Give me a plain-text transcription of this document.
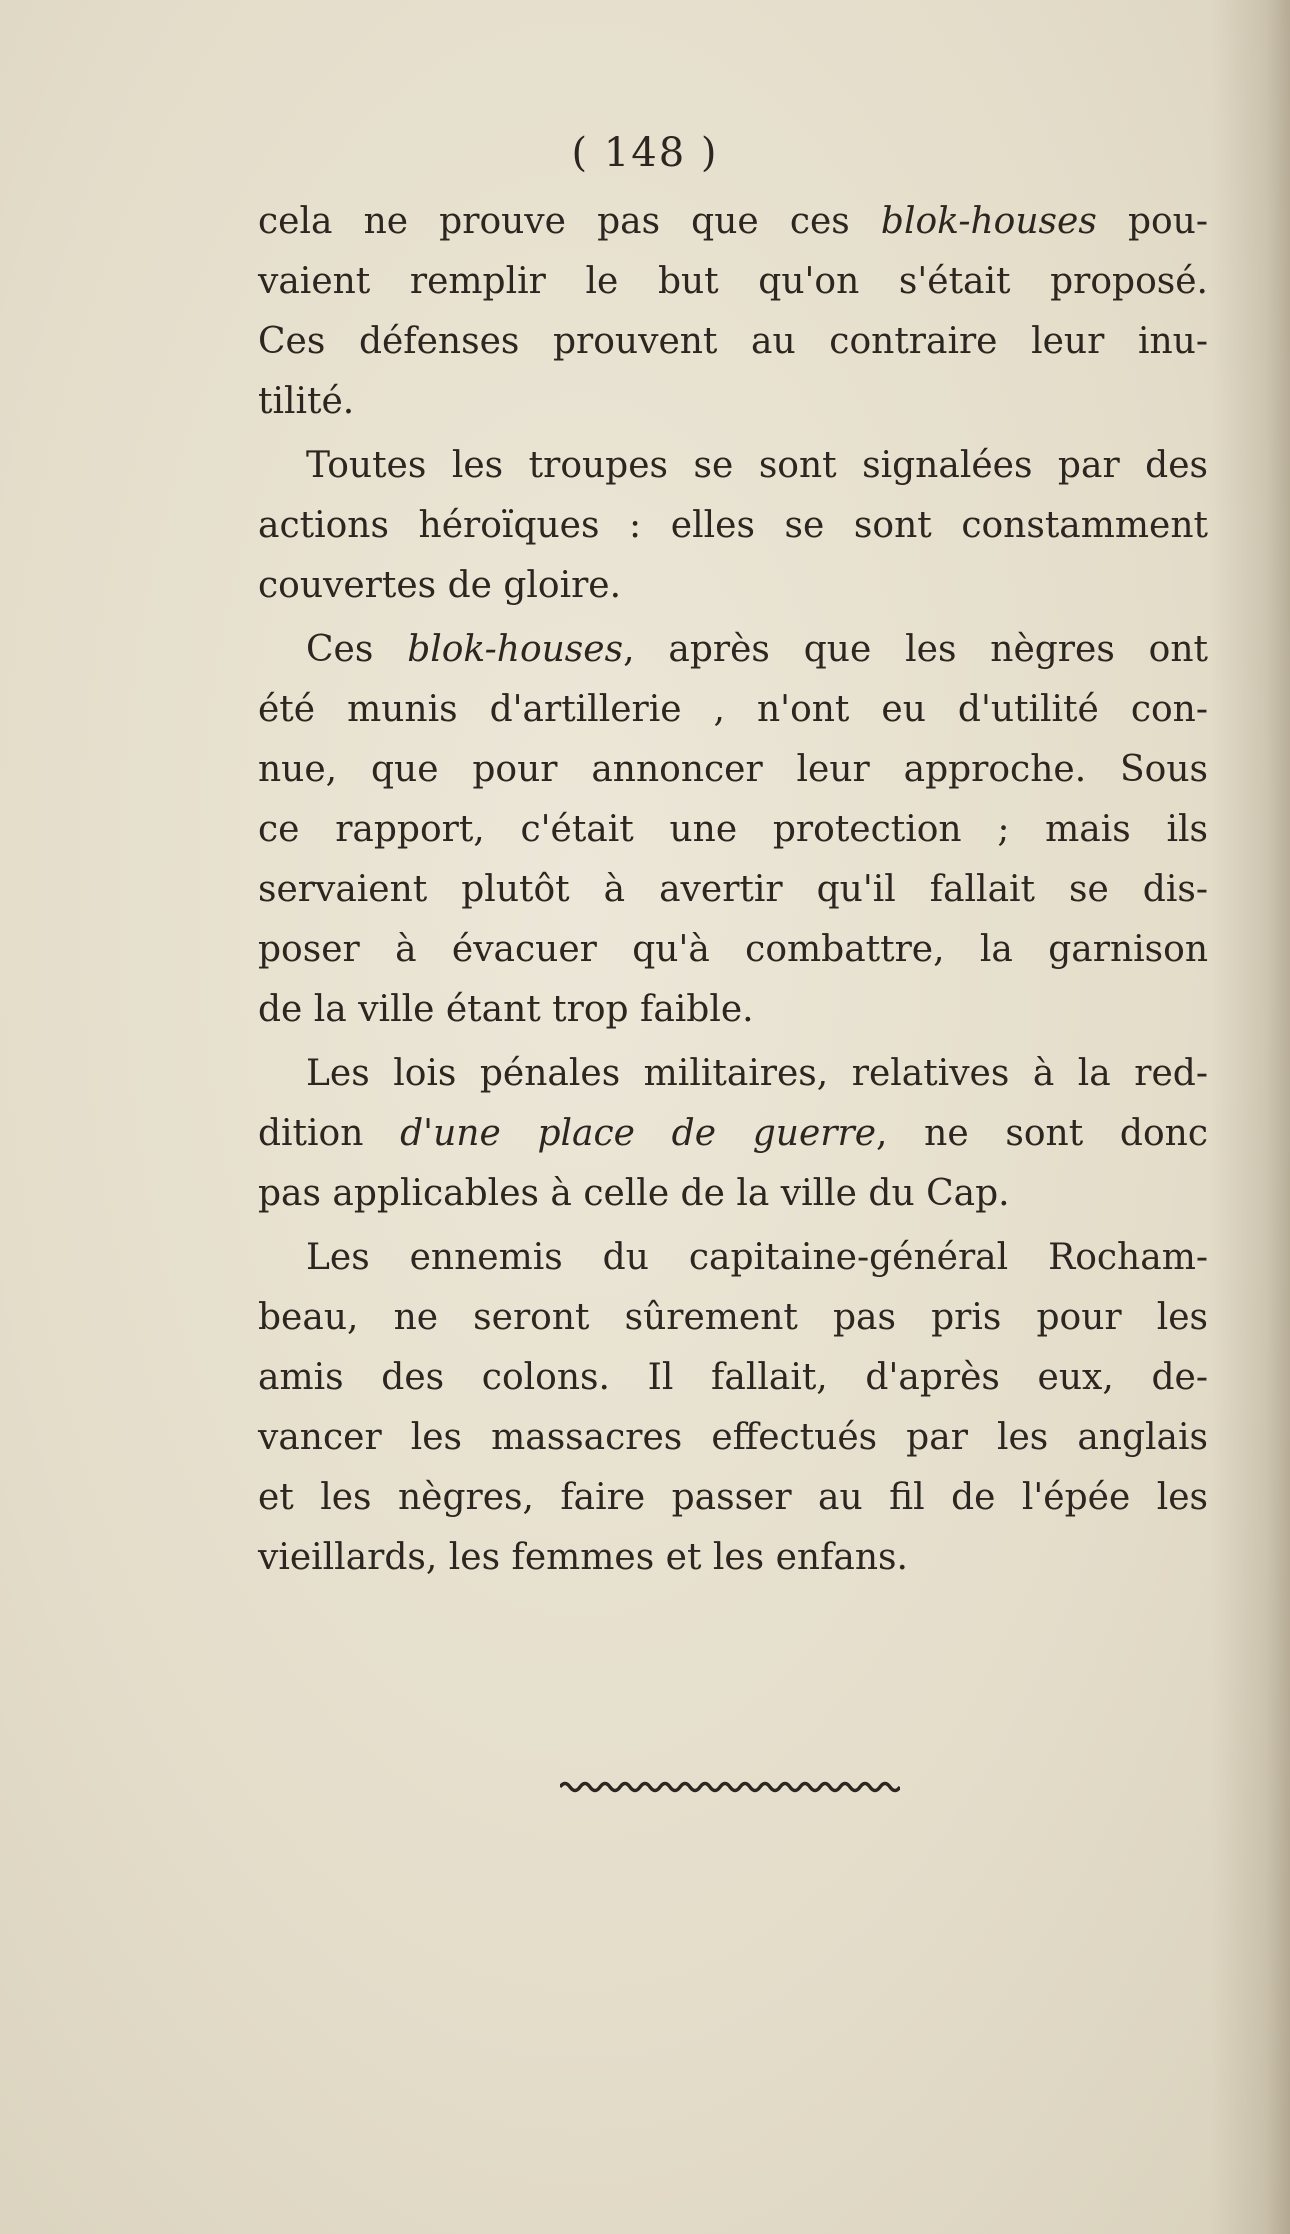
( 148 )
cela ne prouve pas que ces blok-houses pou-
vaient remplir le but qu'on s'était proposé.
Ces défenses prouvent au contraire leur inu-
tilité.
Toutes les troupes se sont signalées par des
actions héroïques : elles se sont constamment
couvertes de gloire.
Ces blok-houses, après que les nègres ont
été munis d'artillerie , n'ont eu d'utilité con-
nue, que pour annoncer leur approche. Sous
ce rapport, c'était une protection ; mais ils
servaient plutôt à avertir qu'il fallait se dis-
poser à évacuer qu'à combattre, la garnison
de la ville étant trop faible.
Les lois pénales militaires, relatives à la red-
dition d'une place de guerre, ne sont donc
pas applicables à celle de la ville du Cap.
Les ennemis du capitaine-général Rocham-
beau, ne seront sûrement pas pris pour les
amis des colons. Il fallait, d'après eux, de-
vancer les massacres effectués par les anglais
et les nègres, faire passer au fil de l'épée les
vieillards, les femmes et les enfans.
